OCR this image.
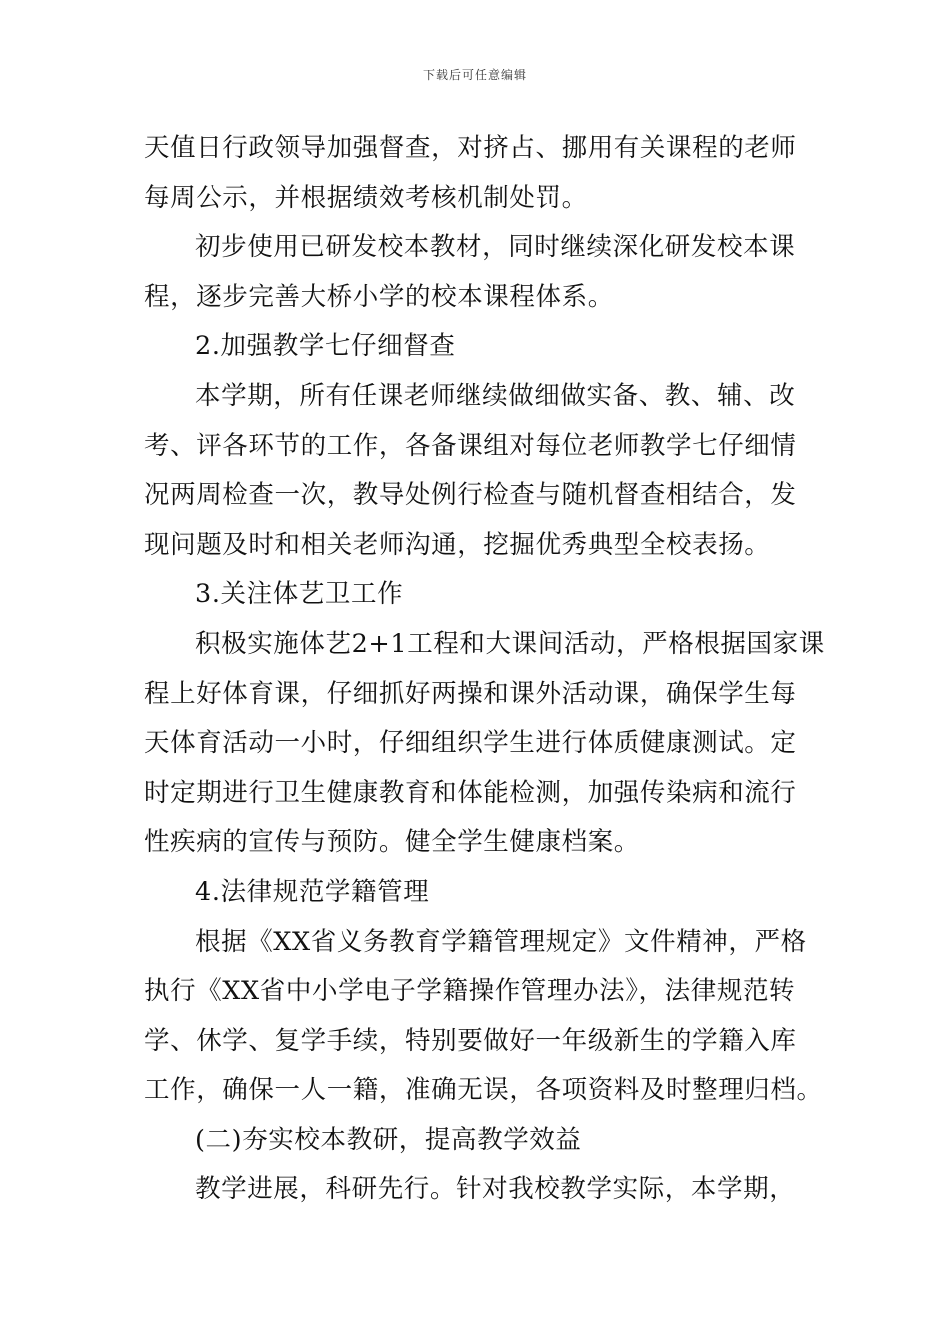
下载后可任意编辑
天值日行政领导加强督查，对挤占、挪用有关课程的老师
每周公示，并根据绩效考核机制处罚。
初步使用已研发校本教材，同时继续深化研发校本课
程，逐步完善大桥小学的校本课程体系。
2.加强教学七仔细督查
本学期，所有任课老师继续做细做实备、教、辅、改
考、评各环节的工作，各备课组对每位老师教学七仔细情
况两周检查一次，教导处例行检查与随机督查相结合，发
现问题及时和相关老师沟通，挖掘优秀典型全校表扬。
3.关注体艺卫工作
积极实施体艺2+1工程和大课间活动，严格根据国家课
程上好体育课，仔细抓好两操和课外活动课，确保学生每
天体育活动一小时，仔细组织学生进行体质健康测试。定
时定期进行卫生健康教育和体能检测，加强传染病和流行
性疾病的宣传与预防。健全学生健康档案。
4.法律规范学籍管理
根据《XX省义务教育学籍管理规定》文件精神，严格
执行《XX省中小学电子学籍操作管理办法》，法律规范转
学、休学、复学手续，特别要做好一年级新生的学籍入库
工作，确保一人一籍，准确无误，各项资料及时整理归档。
(二)夯实校本教研，提高教学效益
教学进展，科研先行。针对我校教学实际，本学期，
